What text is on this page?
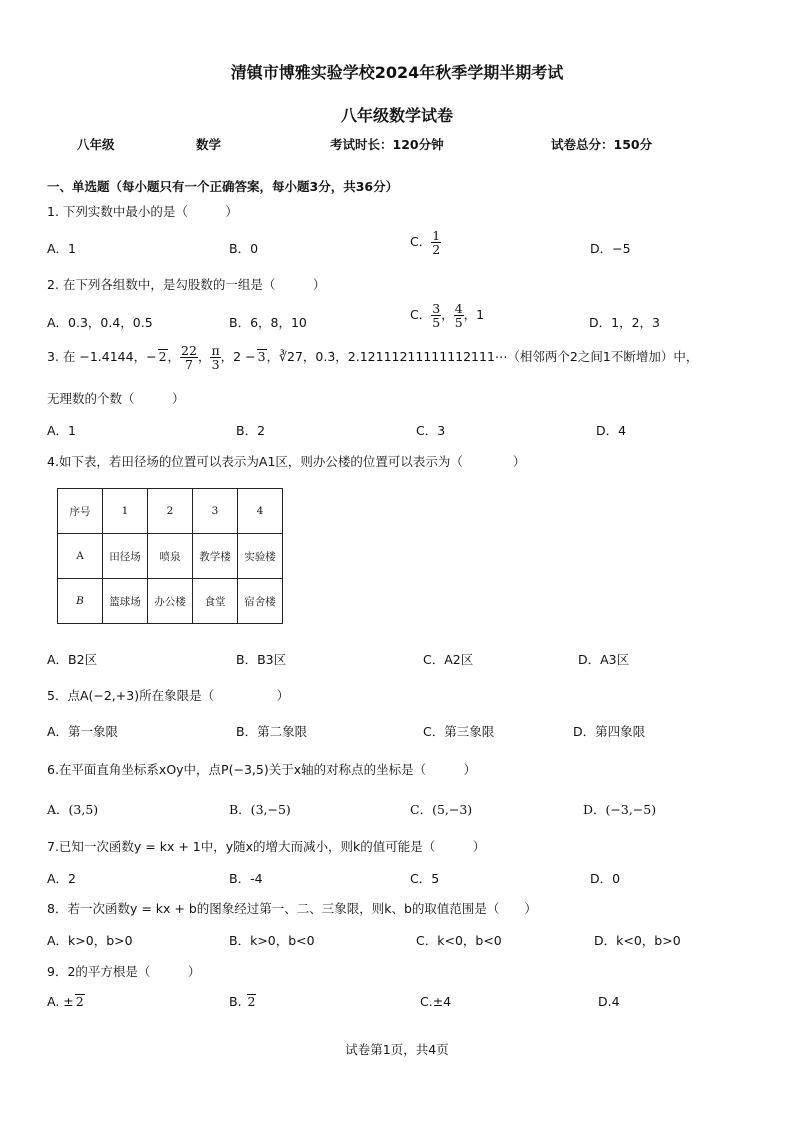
清镇市博雅实验学校2024年秋季学期半期考试
八年级数学试卷
八年级	数学	考试时长：120分钟	试卷总分：150分
一、单选题（每小题只有一个正确答案，每小题3分，共36分）
1. 下列实数中最小的是（　　　）
A．1	B．0	C． $\frac{1}{2}$	D．−5
2. 在下列各组数中，是勾股数的一组是（　　　）
A．0.3，0.4，0.5	B．6，8，10
C． $\frac{3}{5}$ ， $\frac{4}{5}$ ，1
D．1，2，3
3. 在 −1.4144，− 2， $\frac{22}{7}$ ， $\frac{\pi}{3}$ ，2 − 3，∛27，0.3̇，2.12111211111112111⋯（相邻两个2之间1不断增加）中，
无理数的个数（　　　）
A．1	B．2	C．3	D．4
4.如下表，若田径场的位置可以表示为A1区，则办公楼的位置可以表示为（　　　　）
序号	1	2	3	4
A	田径场	喷泉	教学楼	实验楼
B	篮球场	办公楼	食堂	宿舍楼
A．B2区	B．B3区	C．A2区	D．A3区
5．点A(−2,+3)所在象限是（　　　　　）
A．第一象限	B．第二象限	C．第三象限	D．第四象限
6.在平面直角坐标系xOy中，点P(−3,5)关于x轴的对称点的坐标是（　　　）
A．(3,5)	B．(3,−5)	C．(5,−3)	D．(−3,−5)
7.已知一次函数y = kx + 1中，y随x的增大而减小，则k的值可能是（　　　）
A．2	B．-4	C．5	D．0
8．若一次函数y = kx + b的图象经过第一、二、三象限，则k、b的取值范围是（　　）
A．k>0，b>0	B．k>0，b<0	C．k<0，b<0	D．k<0，b>0
9．2的平方根是（　　　）
A. ± 2	B. 2	C.±4	D.4
试卷第1页，共4页
